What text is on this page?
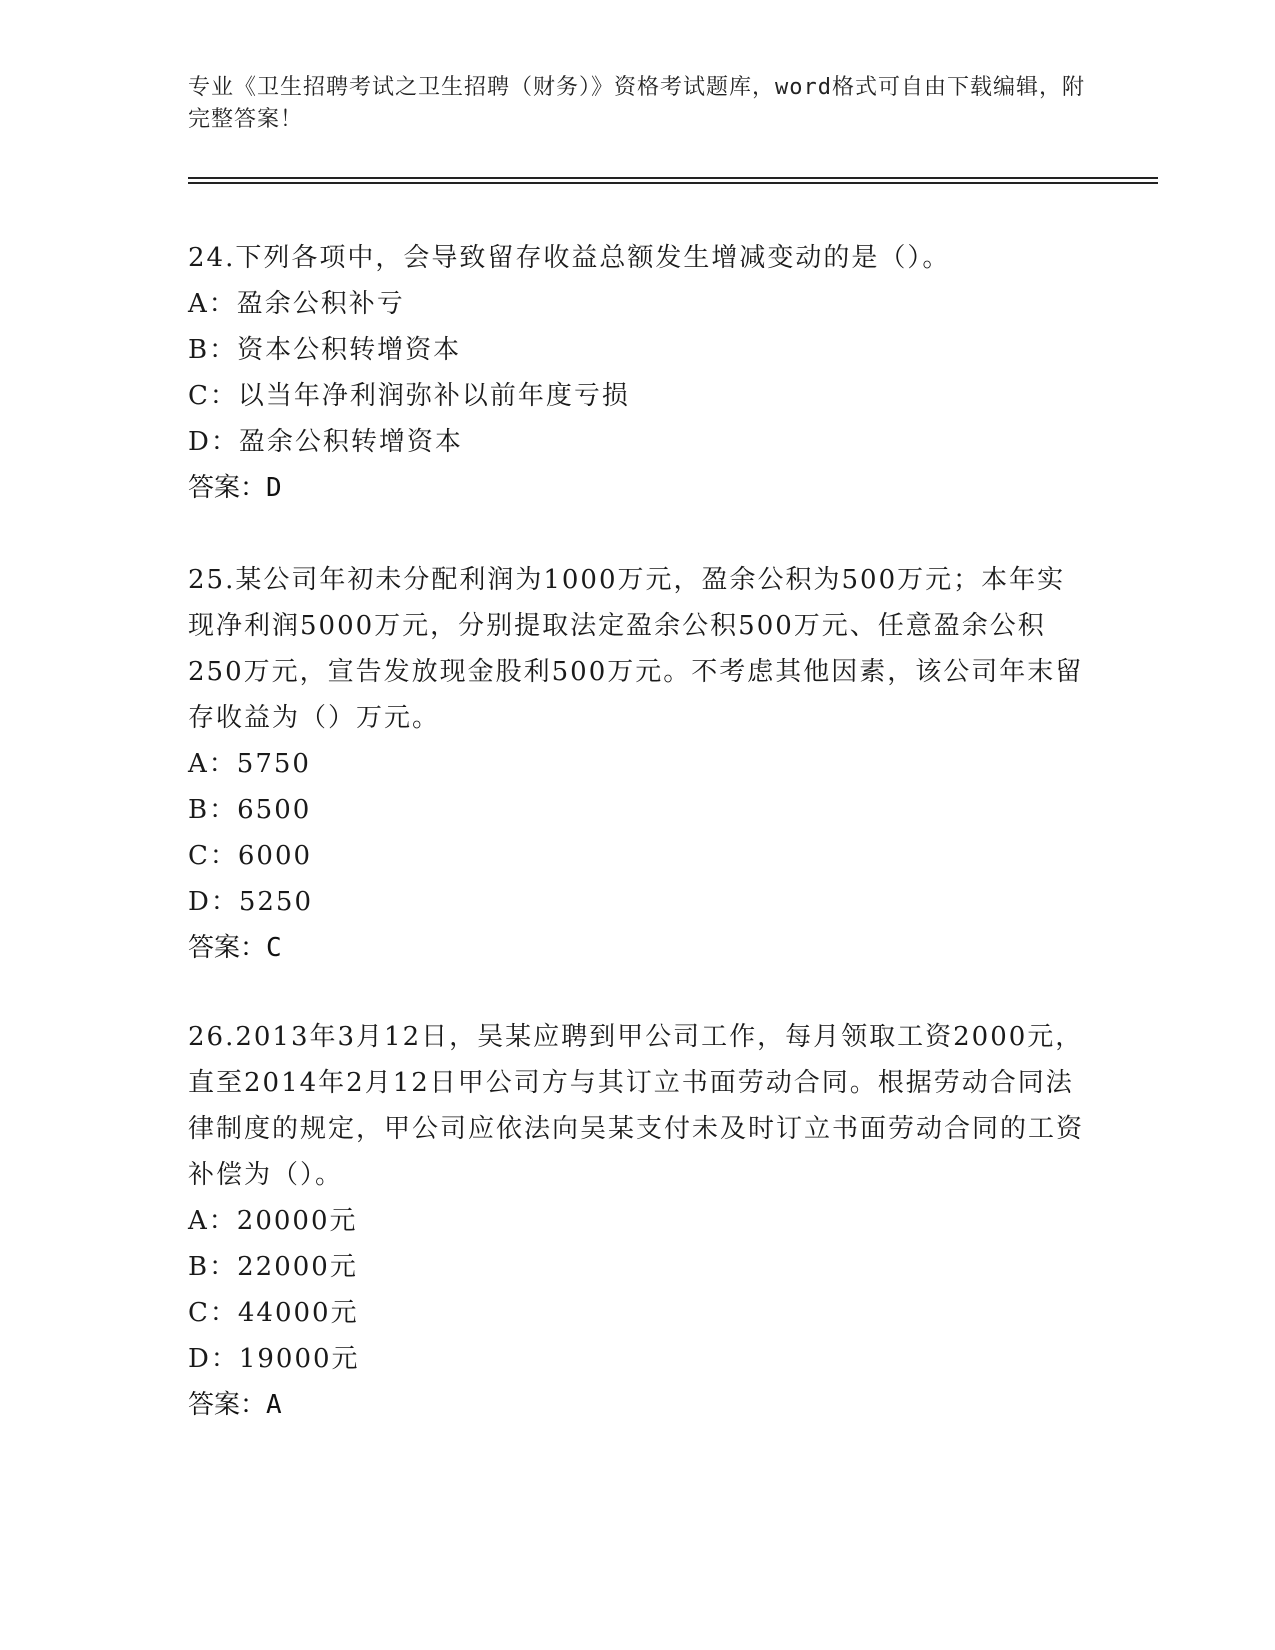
专业《卫生招聘考试之卫生招聘（财务）》资格考试题库，word格式可自由下载编辑，附完整答案！

24.下列各项中，会导致留存收益总额发生增减变动的是（）。

A：盈余公积补亏

B：资本公积转增资本

C：以当年净利润弥补以前年度亏损

D：盈余公积转增资本

答案：D

25.某公司年初未分配利润为1000万元，盈余公积为500万元；本年实现净利润5000万元，分别提取法定盈余公积500万元、任意盈余公积250万元，宣告发放现金股利500万元。不考虑其他因素，该公司年末留存收益为（）万元。

A：5750

B：6500

C：6000

D：5250

答案：C

26.2013年3月12日，吴某应聘到甲公司工作，每月领取工资2000元，直至2014年2月12日甲公司方与其订立书面劳动合同。根据劳动合同法律制度的规定，甲公司应依法向吴某支付未及时订立书面劳动合同的工资补偿为（）。

A：20000元

B：22000元

C：44000元

D：19000元

答案：A
